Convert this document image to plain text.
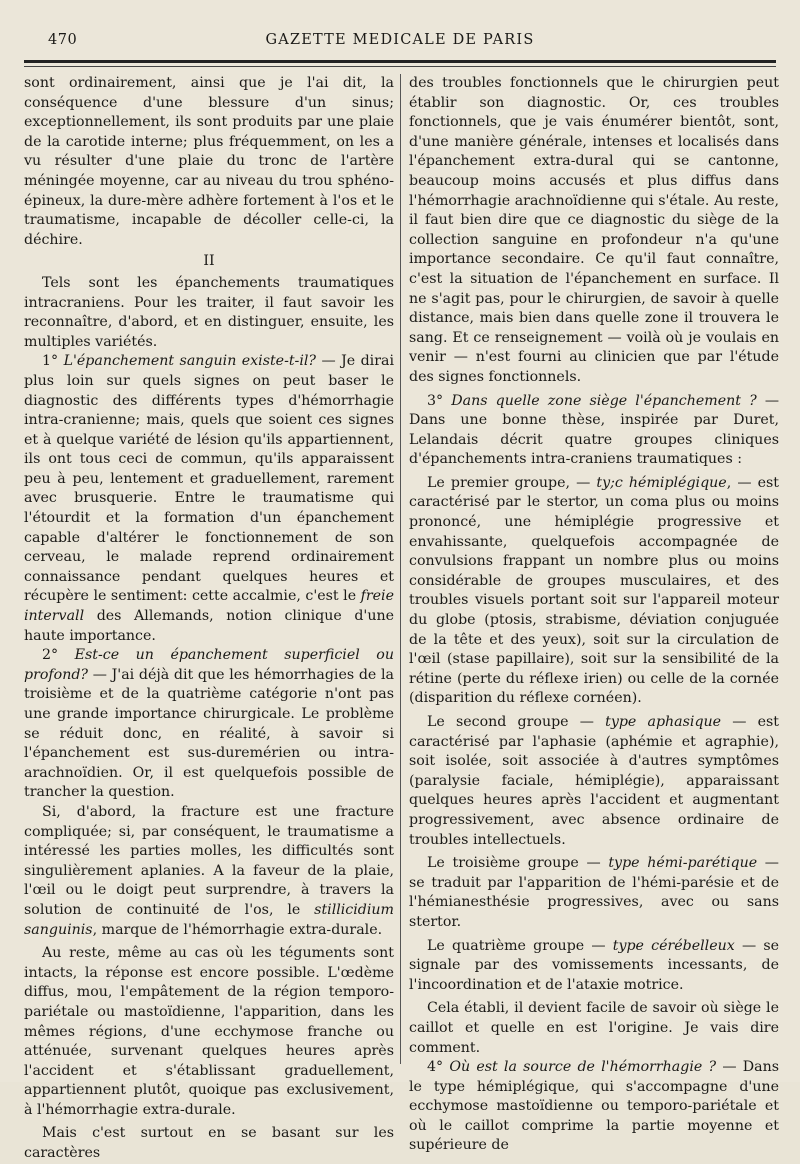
470	GAZETTE MEDICALE DE PARIS

sont ordinairement, ainsi que je l'ai dit, la conséquence d'une blessure d'un sinus; exceptionnellement, ils sont produits par une plaie de la carotide interne; plus fréquemment, on les a vu résulter d'une plaie du tronc de l'artère méningée moyenne, car au niveau du trou sphéno-épineux, la dure-mère adhère fortement à l'os et le traumatisme, incapable de décoller celle-ci, la déchire.

II

Tels sont les épanchements traumatiques intracraniens. Pour les traiter, il faut savoir les reconnaître, d'abord, et en distinguer, ensuite, les multiples variétés.

1° L'épanchement sanguin existe-t-il? — Je dirai plus loin sur quels signes on peut baser le diagnostic des différents types d'hémorrhagie intra-cranienne; mais, quels que soient ces signes et à quelque variété de lésion qu'ils appartiennent, ils ont tous ceci de commun, qu'ils apparaissent peu à peu, lentement et graduellement, rarement avec brusquerie. Entre le traumatisme qui l'étourdit et la formation d'un épanchement capable d'altérer le fonctionnement de son cerveau, le malade reprend ordinairement connaissance pendant quelques heures et récupère le sentiment: cette accalmie, c'est le freie intervall des Allemands, notion clinique d'une haute importance.

2° Est-ce un épanchement superficiel ou profond? — J'ai déjà dit que les hémorrhagies de la troisième et de la quatrième catégorie n'ont pas une grande importance chirurgicale. Le problème se réduit donc, en réalité, à savoir si l'épanchement est sus-duremérien ou intra-arachnoïdien. Or, il est quelquefois possible de trancher la question.

Si, d'abord, la fracture est une fracture compliquée; si, par conséquent, le traumatisme a intéressé les parties molles, les difficultés sont singulièrement aplanies. A la faveur de la plaie, l'œil ou le doigt peut surprendre, à travers la solution de continuité de l'os, le stillicidium sanguinis, marque de l'hémorrhagie extra-durale.

Au reste, même au cas où les téguments sont intacts, la réponse est encore possible. L'œdème diffus, mou, l'empâtement de la région temporo-pariétale ou mastoïdienne, l'apparition, dans les mêmes régions, d'une ecchymose franche ou atténuée, survenant quelques heures après l'accident et s'établissant graduellement, appartiennent plutôt, quoique pas exclusivement, à l'hémorrhagie extra-durale.

Mais c'est surtout en se basant sur les caractères

des troubles fonctionnels que le chirurgien peut établir son diagnostic. Or, ces troubles fonctionnels, que je vais énumérer bientôt, sont, d'une manière générale, intenses et localisés dans l'épanchement extra-dural qui se cantonne, beaucoup moins accusés et plus diffus dans l'hémorrhagie arachnoïdienne qui s'étale. Au reste, il faut bien dire que ce diagnostic du siège de la collection sanguine en profondeur n'a qu'une importance secondaire. Ce qu'il faut connaître, c'est la situation de l'épanchement en surface. Il ne s'agit pas, pour le chirurgien, de savoir à quelle distance, mais bien dans quelle zone il trouvera le sang. Et ce renseignement — voilà où je voulais en venir — n'est fourni au clinicien que par l'étude des signes fonctionnels.

3° Dans quelle zone siège l'épanchement ? — Dans une bonne thèse, inspirée par Duret, Lelandais décrit quatre groupes cliniques d'épanchements intra-craniens traumatiques :

Le premier groupe, — ty;c hémiplégique, — est caractérisé par le stertor, un coma plus ou moins prononcé, une hémiplégie progressive et envahissante, quelquefois accompagnée de convulsions frappant un nombre plus ou moins considérable de groupes musculaires, et des troubles visuels portant soit sur l'appareil moteur du globe (ptosis, strabisme, déviation conjuguée de la tête et des yeux), soit sur la circulation de l'œil (stase papillaire), soit sur la sensibilité de la rétine (perte du réflexe irien) ou celle de la cornée (disparition du réflexe cornéen).

Le second groupe — type aphasique — est caractérisé par l'aphasie (aphémie et agraphie), soit isolée, soit associée à d'autres symptômes (paralysie faciale, hémiplégie), apparaissant quelques heures après l'accident et augmentant progressivement, avec absence ordinaire de troubles intellectuels.

Le troisième groupe — type hémi-parétique — se traduit par l'apparition de l'hémi-parésie et de l'hémianesthésie progressives, avec ou sans stertor.

Le quatrième groupe — type cérébelleux — se signale par des vomissements incessants, de l'incoordination et de l'ataxie motrice.

Cela établi, il devient facile de savoir où siège le caillot et quelle en est l'origine. Je vais dire comment.

4° Où est la source de l'hémorrhagie ? — Dans le type hémiplégique, qui s'accompagne d'une ecchymose mastoïdienne ou temporo-pariétale et où le caillot comprime la partie moyenne et supérieure de
